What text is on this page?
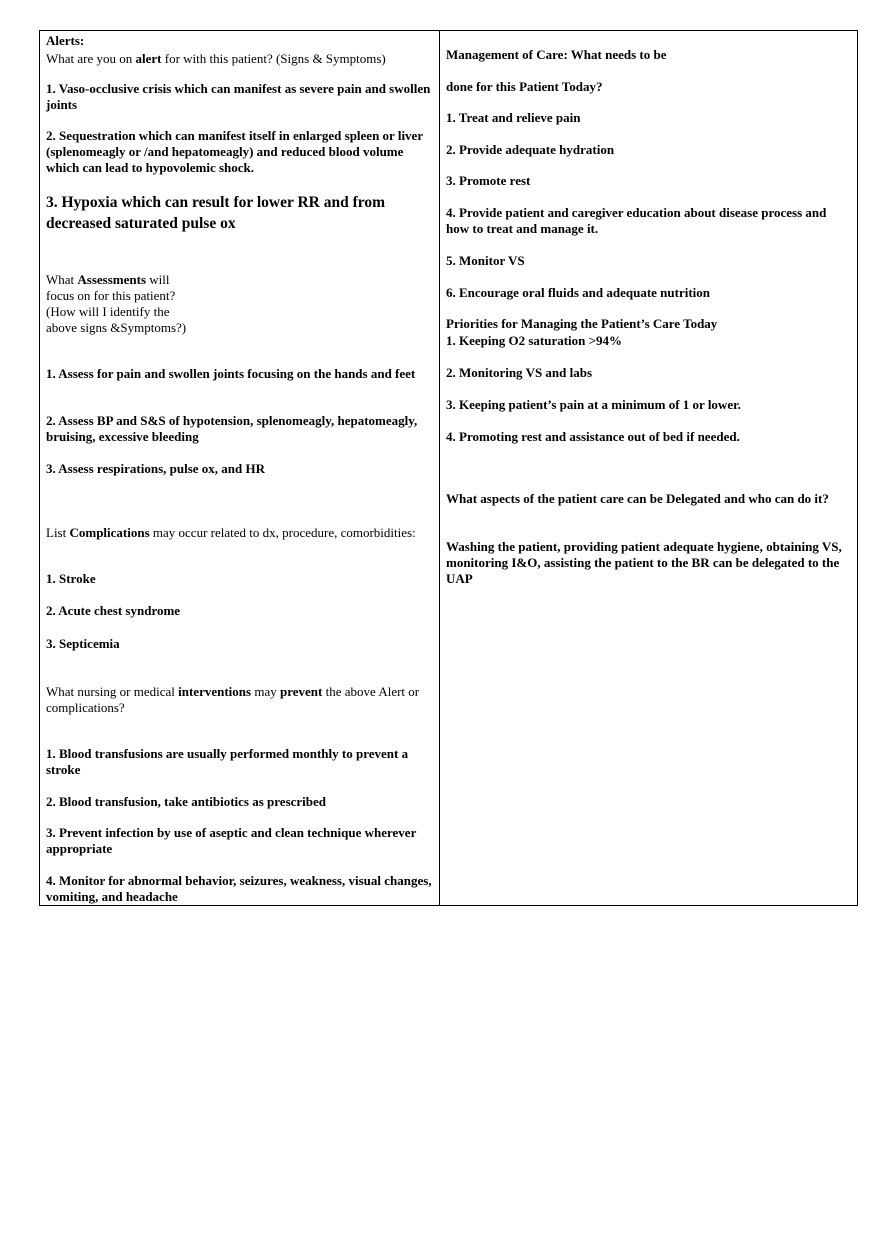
Alerts:
What are you on alert for with this patient? (Signs & Symptoms)
1. Vaso-occlusive crisis which can manifest as severe pain and swollen joints
2. Sequestration which can manifest itself in enlarged spleen or liver (splenomeagly or /and hepatomeagly) and reduced blood volume which can lead to hypovolemic shock.
3. Hypoxia which can result for lower RR and from decreased saturated pulse ox
What Assessments will focus on for this patient? (How will I identify the above signs &Symptoms?)
1. Assess for pain and swollen joints focusing on the hands and feet
2. Assess BP and S&S of hypotension, splenomeagly, hepatomeagly, bruising, excessive bleeding
3. Assess respirations, pulse ox, and HR
List Complications may occur related to dx, procedure, comorbidities:
1. Stroke
2. Acute chest syndrome
3. Septicemia
What nursing or medical interventions may prevent the above Alert or complications?
1. Blood transfusions are usually performed monthly to prevent a stroke
2. Blood transfusion, take antibiotics as prescribed
3. Prevent infection by use of aseptic and clean technique wherever appropriate
4. Monitor for abnormal behavior, seizures, weakness, visual changes, vomiting, and headache
Management of Care: What needs to be
done for this Patient Today?
1. Treat and relieve pain
2. Provide adequate hydration
3. Promote rest
4. Provide patient and caregiver education about disease process and how to treat and manage it.
5. Monitor VS
6. Encourage oral fluids and adequate nutrition
Priorities for Managing the Patient’s Care Today
1. Keeping O2 saturation >94%
2. Monitoring VS and labs
3. Keeping patient’s pain at a minimum of 1 or lower.
4. Promoting rest and assistance out of bed if needed.
What aspects of the patient care can be Delegated and who can do it?
Washing the patient, providing patient adequate hygiene, obtaining VS, monitoring I&O, assisting the patient to the BR can be delegated to the UAP
